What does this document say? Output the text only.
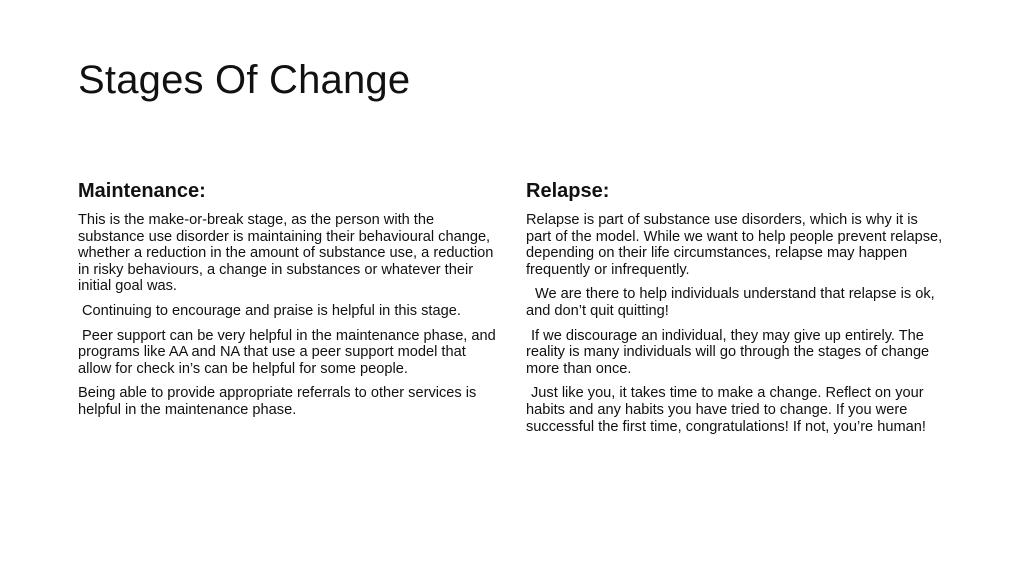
Stages Of Change
Maintenance:

This is the make-or-break stage, as the person with the substance use disorder is maintaining their behavioural change, whether a reduction in the amount of substance use, a reduction in risky behaviours, a change in substances or whatever their initial goal was.

Continuing to encourage and praise is helpful in this stage.

Peer support can be very helpful in the maintenance phase, and programs like AA and NA that use a peer support model that allow for check in’s can be helpful for some people.

Being able to provide appropriate referrals to other services is helpful in the maintenance phase.

Relapse:

Relapse is part of substance use disorders, which is why it is part of the model. While we want to help people prevent relapse, depending on their life circumstances, relapse may happen frequently or infrequently.

We are there to help individuals understand that relapse is ok, and don’t quit quitting!

If we discourage an individual, they may give up entirely. The reality is many individuals will go through the stages of change more than once.

Just like you, it takes time to make a change. Reflect on your habits and any habits you have tried to change. If you were successful the first time, congratulations! If not, you’re human!
